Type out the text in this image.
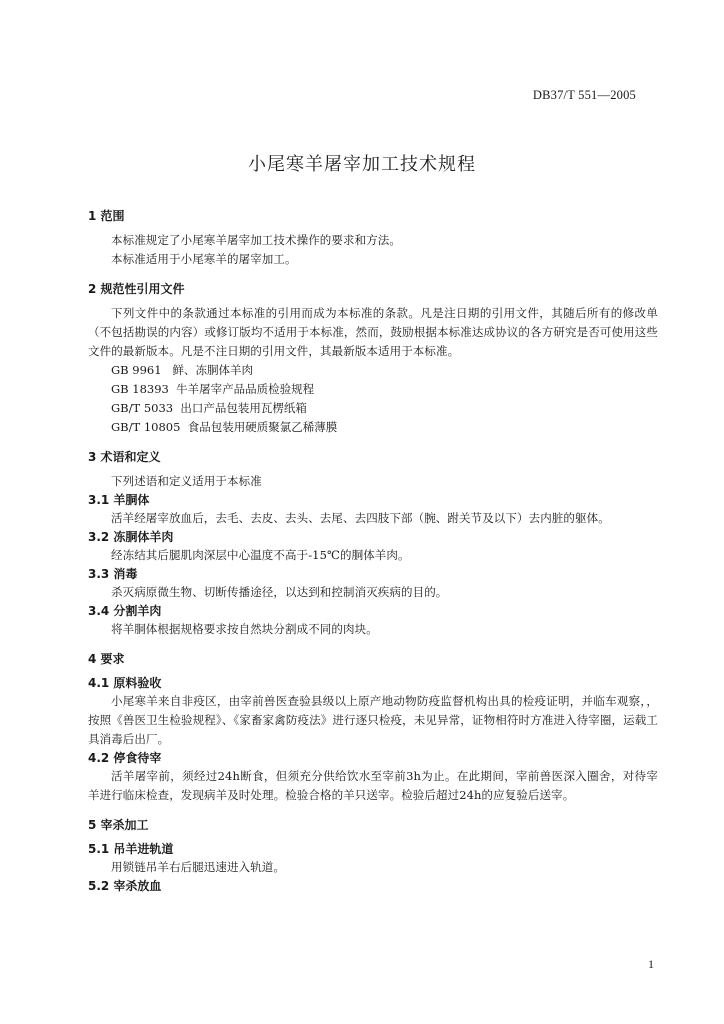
DB37/T 551—2005
小尾寒羊屠宰加工技术规程
1 范围

本标准规定了小尾寒羊屠宰加工技术操作的要求和方法。

本标准适用于小尾寒羊的屠宰加工。

2 规范性引用文件

下列文件中的条款通过本标准的引用而成为本标准的条款。凡是注日期的引用文件，其随后所有的修改单（不包括勘误的内容）或修订版均不适用于本标准，然而，鼓励根据本标准达成协议的各方研究是否可使用这些文件的最新版本。凡是不注日期的引用文件，其最新版本适用于本标准。

GB 9961   鲜、冻胴体羊肉

GB 18393  牛羊屠宰产品品质检验规程

GB/T 5033  出口产品包装用瓦楞纸箱

GB/T 10805  食品包装用硬质聚氯乙稀薄膜

3 术语和定义

下列述语和定义适用于本标准

3.1 羊胴体

活羊经屠宰放血后，去毛、去皮、去头、去尾、去四肢下部（腕、跗关节及以下）去内脏的躯体。

3.2 冻胴体羊肉

经冻结其后腿肌肉深层中心温度不高于-15℃的胴体羊肉。

3.3 消毒

杀灭病原微生物、切断传播途径，以达到和控制消灭疾病的目的。

3.4 分割羊肉

将羊胴体根据规格要求按自然块分割成不同的肉块。

4 要求
4.1 原料验收

小尾寒羊来自非疫区，由宰前兽医查验县级以上原产地动物防疫监督机构出具的检疫证明，并临车观察，，按照《兽医卫生检验规程》、《家畜家禽防疫法》进行逐只检疫，未见异常，证物相符时方准进入待宰圈，运载工具消毒后出厂。

4.2 停食待宰

活羊屠宰前，须经过24h断食，但须充分供给饮水至宰前3h为止。在此期间，宰前兽医深入圈舍，对待宰羊进行临床检查，发现病羊及时处理。检验合格的羊只送宰。检验后超过24h的应复验后送宰。

5 宰杀加工
5.1 吊羊进轨道

用锁链吊羊右后腿迅速进入轨道。

5.2 宰杀放血
1
